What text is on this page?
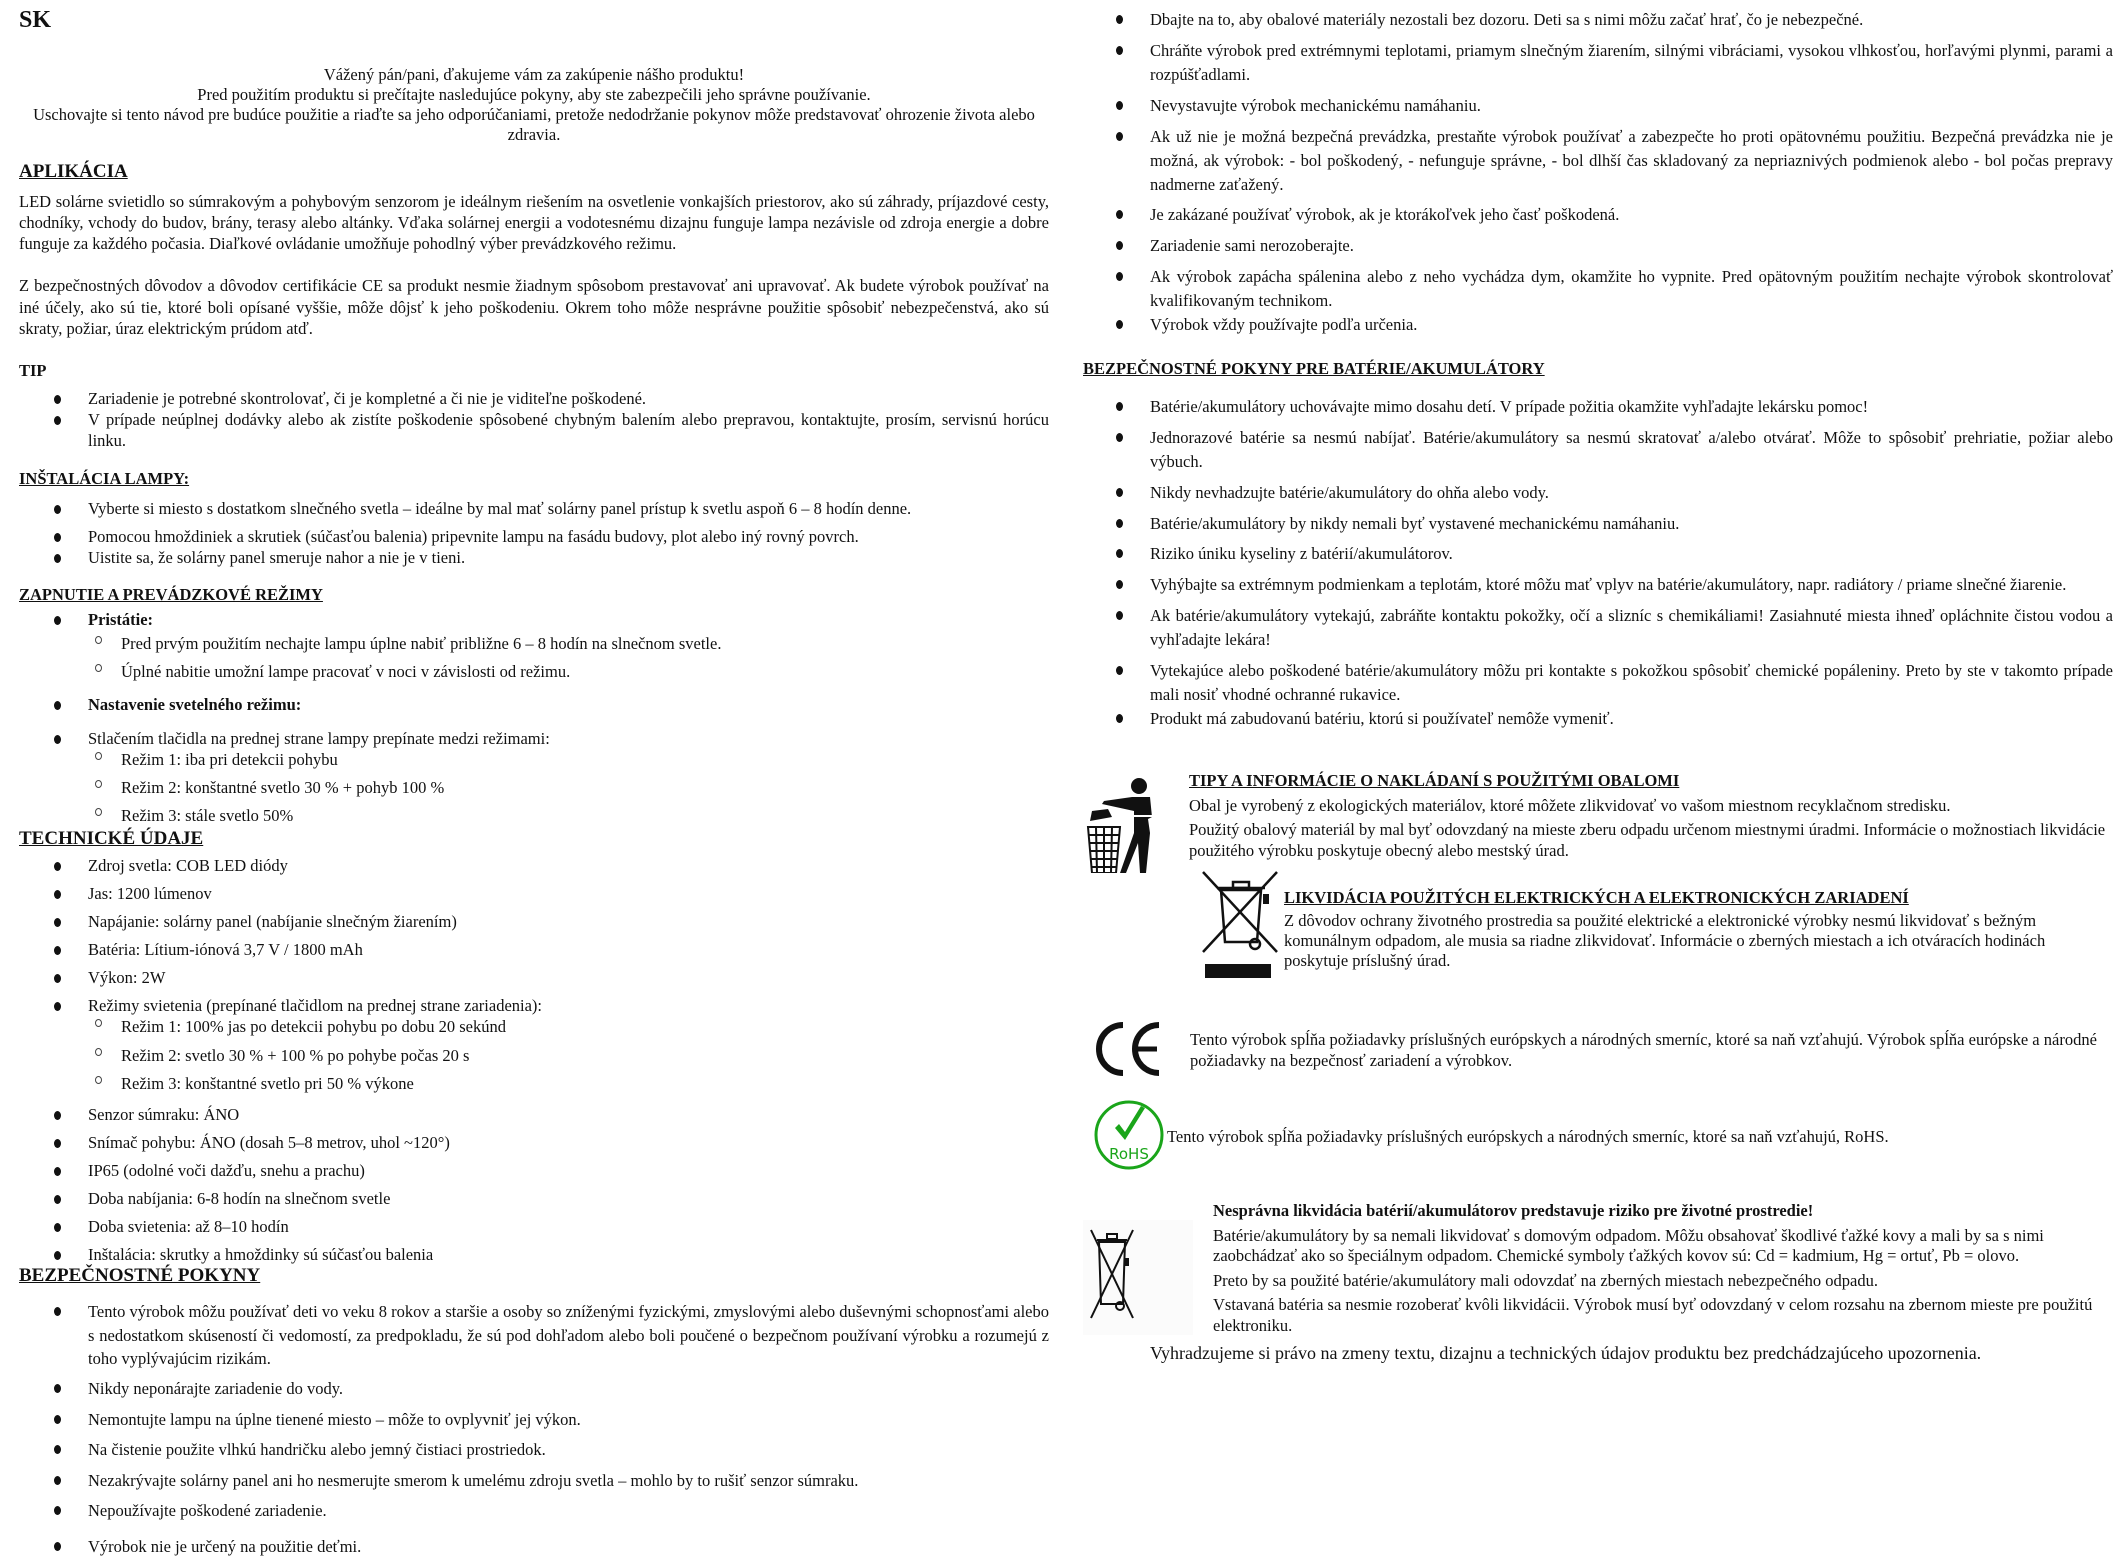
SK
Vážený pán/pani, ďakujeme vám za zakúpenie nášho produktu!
Pred použitím produktu si prečítajte nasledujúce pokyny, aby ste zabezpečili jeho správne používanie.
Uschovajte si tento návod pre budúce použitie a riaďte sa jeho odporúčaniami, pretože nedodržanie pokynov môže predstavovať ohrozenie života alebo zdravia.
APLIKÁCIA

LED solárne svietidlo so súmrakovým a pohybovým senzorom je ideálnym riešením na osvetlenie vonkajších priestorov, ako sú záhrady, príjazdové cesty, chodníky, vchody do budov, brány, terasy alebo altánky. Vďaka solárnej energii a vodotesnému dizajnu funguje lampa nezávisle od zdroja energie a dobre funguje za každého počasia. Diaľkové ovládanie umožňuje pohodlný výber prevádzkového režimu.

Z bezpečnostných dôvodov a dôvodov certifikácie CE sa produkt nesmie žiadnym spôsobom prestavovať ani upravovať. Ak budete výrobok používať na iné účely, ako sú tie, ktoré boli opísané vyššie, môže dôjsť k jeho poškodeniu. Okrem toho môže nesprávne použitie spôsobiť nebezpečenstvá, ako sú skraty, požiar, úraz elektrickým prúdom atď.

TIP
Zariadenie je potrebné skontrolovať, či je kompletné a či nie je viditeľne poškodené.
V prípade neúplnej dodávky alebo ak zistíte poškodenie spôsobené chybným balením alebo prepravou, kontaktujte, prosím, servisnú horúcu linku.
INŠTALÁCIA LAMPY:
Vyberte si miesto s dostatkom slnečného svetla – ideálne by mal mať solárny panel prístup k svetlu aspoň 6 – 8 hodín denne.
Pomocou hmoždiniek a skrutiek (súčasťou balenia) pripevnite lampu na fasádu budovy, plot alebo iný rovný povrch.
Uistite sa, že solárny panel smeruje nahor a nie je v tieni.
ZAPNUTIE A PREVÁDZKOVÉ REŽIMY
Pristátie:
Pred prvým použitím nechajte lampu úplne nabiť približne 6 – 8 hodín na slnečnom svetle.
Úplné nabitie umožní lampe pracovať v noci v závislosti od režimu.
Nastavenie svetelného režimu:
Stlačením tlačidla na prednej strane lampy prepínate medzi režimami:
Režim 1: iba pri detekcii pohybu
Režim 2: konštantné svetlo 30 % + pohyb 100 %
Režim 3: stále svetlo 50%
TECHNICKÉ ÚDAJE
Zdroj svetla: COB LED diódy
Jas: 1200 lúmenov
Napájanie: solárny panel (nabíjanie slnečným žiarením)
Batéria: Lítium-iónová 3,7 V / 1800 mAh
Výkon: 2W
Režimy svietenia (prepínané tlačidlom na prednej strane zariadenia):
Režim 1: 100% jas po detekcii pohybu po dobu 20 sekúnd
Režim 2: svetlo 30 % + 100 % po pohybe počas 20 s
Režim 3: konštantné svetlo pri 50 % výkone
Senzor súmraku: ÁNO
Snímač pohybu: ÁNO (dosah 5–8 metrov, uhol ~120°)
IP65 (odolné voči dažďu, snehu a prachu)
Doba nabíjania: 6-8 hodín na slnečnom svetle
Doba svietenia: až 8–10 hodín
Inštalácia: skrutky a hmoždinky sú súčasťou balenia
BEZPEČNOSTNÉ POKYNY
Tento výrobok môžu používať deti vo veku 8 rokov a staršie a osoby so zníženými fyzickými, zmyslovými alebo duševnými schopnosťami alebo s nedostatkom skúseností či vedomostí, za predpokladu, že sú pod dohľadom alebo boli poučené o bezpečnom používaní výrobku a rozumejú z toho vyplývajúcim rizikám.
Nikdy neponárajte zariadenie do vody.
Nemontujte lampu na úplne tienené miesto – môže to ovplyvniť jej výkon.
Na čistenie použite vlhkú handričku alebo jemný čistiaci prostriedok.
Nezakrývajte solárny panel ani ho nesmerujte smerom k umelému zdroju svetla – mohlo by to rušiť senzor súmraku.
Nepoužívajte poškodené zariadenie.
Výrobok nie je určený na použitie deťmi.
Dbajte na to, aby obalové materiály nezostali bez dozoru. Deti sa s nimi môžu začať hrať, čo je nebezpečné.
Chráňte výrobok pred extrémnymi teplotami, priamym slnečným žiarením, silnými vibráciami, vysokou vlhkosťou, horľavými plynmi, parami a rozpúšťadlami.
Nevystavujte výrobok mechanickému namáhaniu.
Ak už nie je možná bezpečná prevádzka, prestaňte výrobok používať a zabezpečte ho proti opätovnému použitiu. Bezpečná prevádzka nie je možná, ak výrobok: - bol poškodený, - nefunguje správne, - bol dlhší čas skladovaný za nepriaznivých podmienok alebo - bol počas prepravy nadmerne zaťažený.
Je zakázané používať výrobok, ak je ktorákoľvek jeho časť poškodená.
Zariadenie sami nerozoberajte.
Ak výrobok zapácha spálenina alebo z neho vychádza dym, okamžite ho vypnite. Pred opätovným použitím nechajte výrobok skontrolovať kvalifikovaným technikom.
Výrobok vždy používajte podľa určenia.
BEZPEČNOSTNÉ POKYNY PRE BATÉRIE/AKUMULÁTORY
Batérie/akumulátory uchovávajte mimo dosahu detí. V prípade požitia okamžite vyhľadajte lekársku pomoc!
Jednorazové batérie sa nesmú nabíjať. Batérie/akumulátory sa nesmú skratovať a/alebo otvárať. Môže to spôsobiť prehriatie, požiar alebo výbuch.
Nikdy nevhadzujte batérie/akumulátory do ohňa alebo vody.
Batérie/akumulátory by nikdy nemali byť vystavené mechanickému namáhaniu.
Riziko úniku kyseliny z batérií/akumulátorov.
Vyhýbajte sa extrémnym podmienkam a teplotám, ktoré môžu mať vplyv na batérie/akumulátory, napr. radiátory / priame slnečné žiarenie.
Ak batérie/akumulátory vytekajú, zabráňte kontaktu pokožky, očí a slizníc s chemikáliami! Zasiahnuté miesta ihneď opláchnite čistou vodou a vyhľadajte lekára!
Vytekajúce alebo poškodené batérie/akumulátory môžu pri kontakte s pokožkou spôsobiť chemické popáleniny. Preto by ste v takomto prípade mali nosiť vhodné ochranné rukavice.
Produkt má zabudovanú batériu, ktorú si používateľ nemôže vymeniť.
TIPY A INFORMÁCIE O NAKLÁDANÍ S POUŽITÝMI OBALOMI
Obal je vyrobený z ekologických materiálov, ktoré môžete zlikvidovať vo vašom miestnom recyklačnom stredisku.
Použitý obalový materiál by mal byť odovzdaný na mieste zberu odpadu určenom miestnymi úradmi. Informácie o možnostiach likvidácie použitého výrobku poskytuje obecný alebo mestský úrad.
LIKVIDÁCIA POUŽITÝCH ELEKTRICKÝCH A ELEKTRONICKÝCH ZARIADENÍ
Z dôvodov ochrany životného prostredia sa použité elektrické a elektronické výrobky nesmú likvidovať s bežným komunálnym odpadom, ale musia sa riadne zlikvidovať. Informácie o zberných miestach a ich otváracích hodinách poskytuje príslušný úrad.
Tento výrobok spĺňa požiadavky príslušných európskych a národných smerníc, ktoré sa naň vzťahujú. Výrobok spĺňa európske a národné požiadavky na bezpečnosť zariadení a výrobkov.
RoHS
Tento výrobok spĺňa požiadavky príslušných európskych a národných smerníc, ktoré sa naň vzťahujú, RoHS.
Nesprávna likvidácia batérií/akumulátorov predstavuje riziko pre životné prostredie!
Batérie/akumulátory by sa nemali likvidovať s domovým odpadom. Môžu obsahovať škodlivé ťažké kovy a mali by sa s nimi zaobchádzať ako so špeciálnym odpadom. Chemické symboly ťažkých kovov sú: Cd = kadmium, Hg = ortuť, Pb = olovo.
Preto by sa použité batérie/akumulátory mali odovzdať na zberných miestach nebezpečného odpadu.
Vstavaná batéria sa nesmie rozoberať kvôli likvidácii. Výrobok musí byť odovzdaný v celom rozsahu na zbernom mieste pre použitú elektroniku.
Vyhradzujeme si právo na zmeny textu, dizajnu a technických údajov produktu bez predchádzajúceho upozornenia.
